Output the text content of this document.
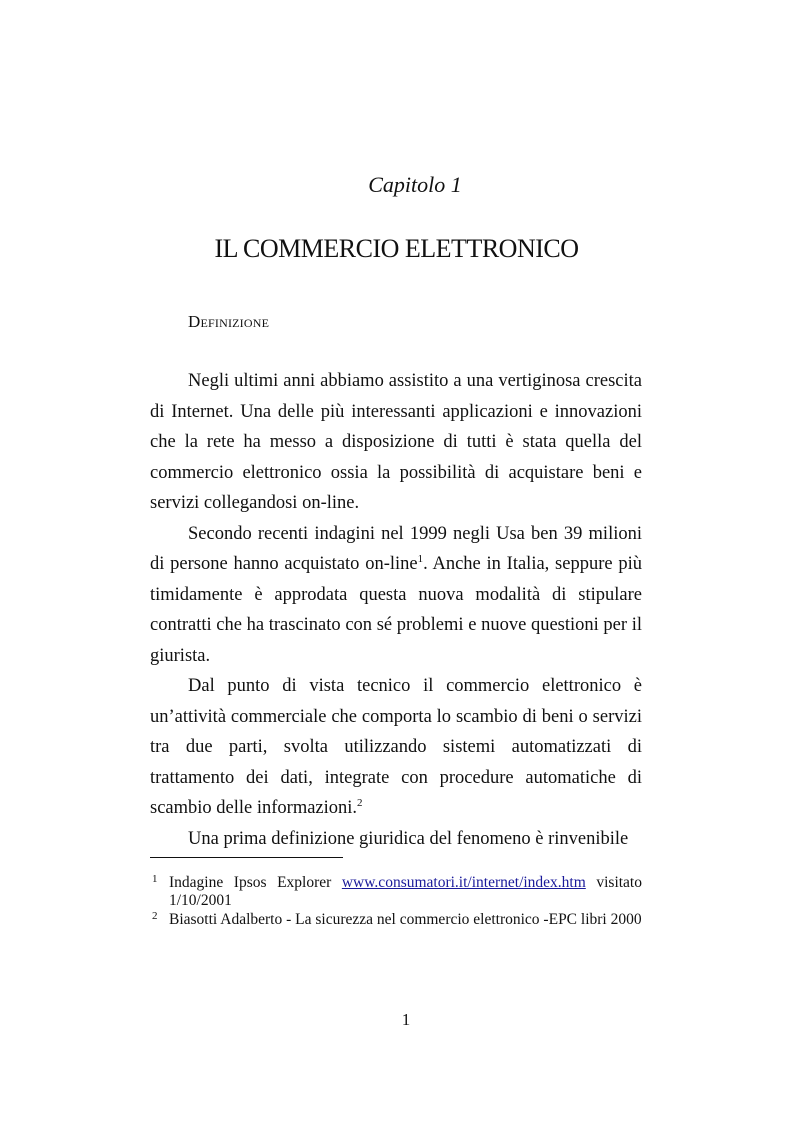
Capitolo 1
IL COMMERCIO ELETTRONICO
Definizione

Negli ultimi anni abbiamo assistito a una vertiginosa crescita di Internet. Una delle più interessanti applicazioni e innovazioni che la rete ha messo a disposizione di tutti è stata quella del commercio elettronico ossia la possibilità di acquistare beni e servizi collegandosi on-line.

Secondo recenti indagini nel 1999 negli Usa ben 39 milioni di persone hanno acquistato on-line$^1$. Anche in Italia, seppure più timidamente è approdata questa nuova modalità di stipulare contratti che ha trascinato con sé problemi e nuove questioni per il giurista.

Dal punto di vista tecnico il commercio elettronico è un’attività commerciale che comporta lo scambio di beni o servizi tra due parti, svolta utilizzando sistemi automatizzati di trattamento dei dati, integrate con procedure automatiche di scambio delle informazioni.$^2$

Una prima definizione giuridica del fenomeno è rinvenibile

1 Indagine Ipsos Explorer www.consumatori.it/internet/index.htm visitato 1/10/2001
2 Biasotti Adalberto - La sicurezza nel commercio elettronico -EPC libri 2000
1
